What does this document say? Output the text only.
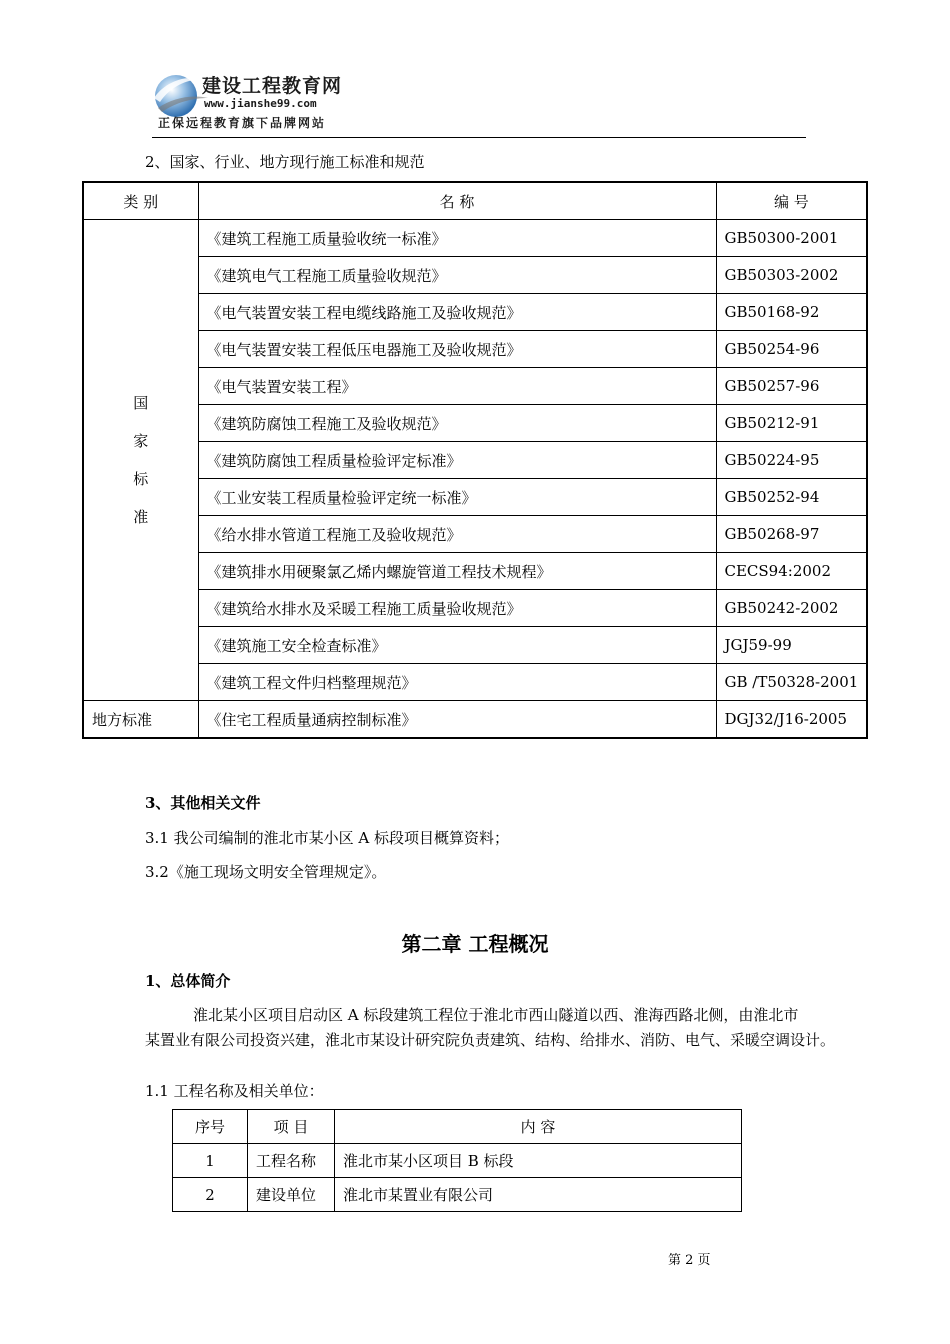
建设工程教育网
www.jianshe99.com
正保远程教育旗下品牌网站
2、国家、行业、地方现行施工标准和规范
类 别	名 称	编 号

国
家
标
准	《建筑工程施工质量验收统一标准》	GB50300-2001
	《建筑电气工程施工质量验收规范》	GB50303-2002
	《电气装置安装工程电缆线路施工及验收规范》	GB50168-92
	《电气装置安装工程低压电器施工及验收规范》	GB50254-96
	《电气装置安装工程》	GB50257-96
	《建筑防腐蚀工程施工及验收规范》	GB50212-91
	《建筑防腐蚀工程质量检验评定标准》	GB50224-95
	《工业安装工程质量检验评定统一标准》	GB50252-94
	《给水排水管道工程施工及验收规范》	GB50268-97
	《建筑排水用硬聚氯乙烯内螺旋管道工程技术规程》	CECS94:2002
	《建筑给水排水及采暖工程施工质量验收规范》	GB50242-2002
	《建筑施工安全检查标准》	JGJ59-99
	《建筑工程文件归档整理规范》	GB /T50328-2001
地方标准	《住宅工程质量通病控制标准》	DGJ32/J16-2005
3、其他相关文件
3.1 我公司编制的淮北市某小区 A 标段项目概算资料；
3.2《施工现场文明安全管理规定》。
第二章 工程概况
1、总体简介
淮北某小区项目启动区 A 标段建筑工程位于淮北市西山隧道以西、淮海西路北侧，由淮北市
某置业有限公司投资兴建，淮北市某设计研究院负责建筑、结构、给排水、消防、电气、采暖空调设计。
1.1 工程名称及相关单位：
序号	项 目	内 容
1	工程名称	淮北市某小区项目 B 标段
2	建设单位	淮北市某置业有限公司
第 2 页
